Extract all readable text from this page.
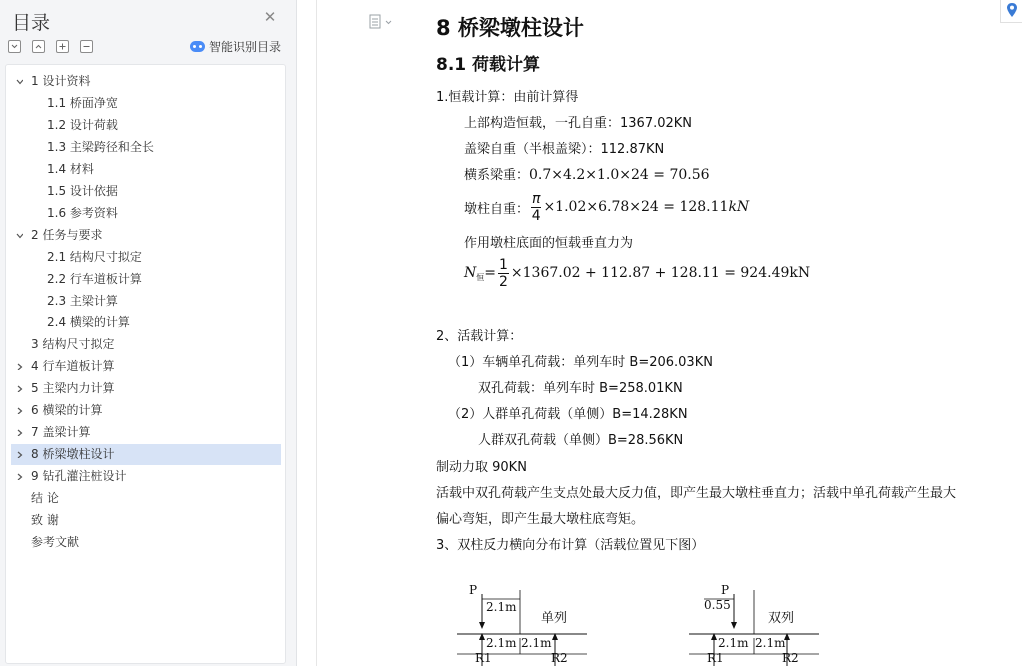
目录	✕
智能识别目录
1 设计资料
1.1 桥面净宽
1.2 设计荷载
1.3 主梁跨径和全长
1.4 材料
1.5 设计依据
1.6 参考资料
2 任务与要求
2.1 结构尺寸拟定
2.2 行车道板计算
2.3 主梁计算
2.4 横梁的计算
3 结构尺寸拟定
4 行车道板计算
5 主梁内力计算
6 横梁的计算
7 盖梁计算
8 桥梁墩柱设计
9 钻孔灌注桩设计
结 论
致 谢
参考文献
8 桥梁墩柱设计
8.1 荷载计算
1.恒载计算：由前计算得
上部构造恒载，一孔自重：1367.02KN
盖梁自重（半根盖梁）：112.87KN
横系梁重：0.7×4.2×1.0×24 = 70.56
墩柱自重： $\frac{\pi}{4} \times 1.0$ 2 ×6.78×24 = 128.11 kN
作用墩柱底面的恒载垂直力为
$N_恒 = \frac{1}{2} \times 1367.02 + 112.87 + 128.11 = 924.49kN$
2、活载计算：
（1）车辆单孔荷载：单列车时 B=206.03KN
双孔荷载：单列车时 B=258.01KN
（2）人群单孔荷载（单侧）B=14.28KN
人群双孔荷载（单侧）B=28.56KN
制动力取 90KN
活载中双孔荷载产生支点处最大反力值，即产生最大墩柱垂直力；活载中单孔荷载产生最大
偏心弯矩，即产生最大墩柱底弯矩。
3、双柱反力横向分布计算（活载位置见下图）
P
2.1m
单列
2.1m 2.1m
R1	R2
P
0.55
双列
2.1m 2.1m
R1	R2
